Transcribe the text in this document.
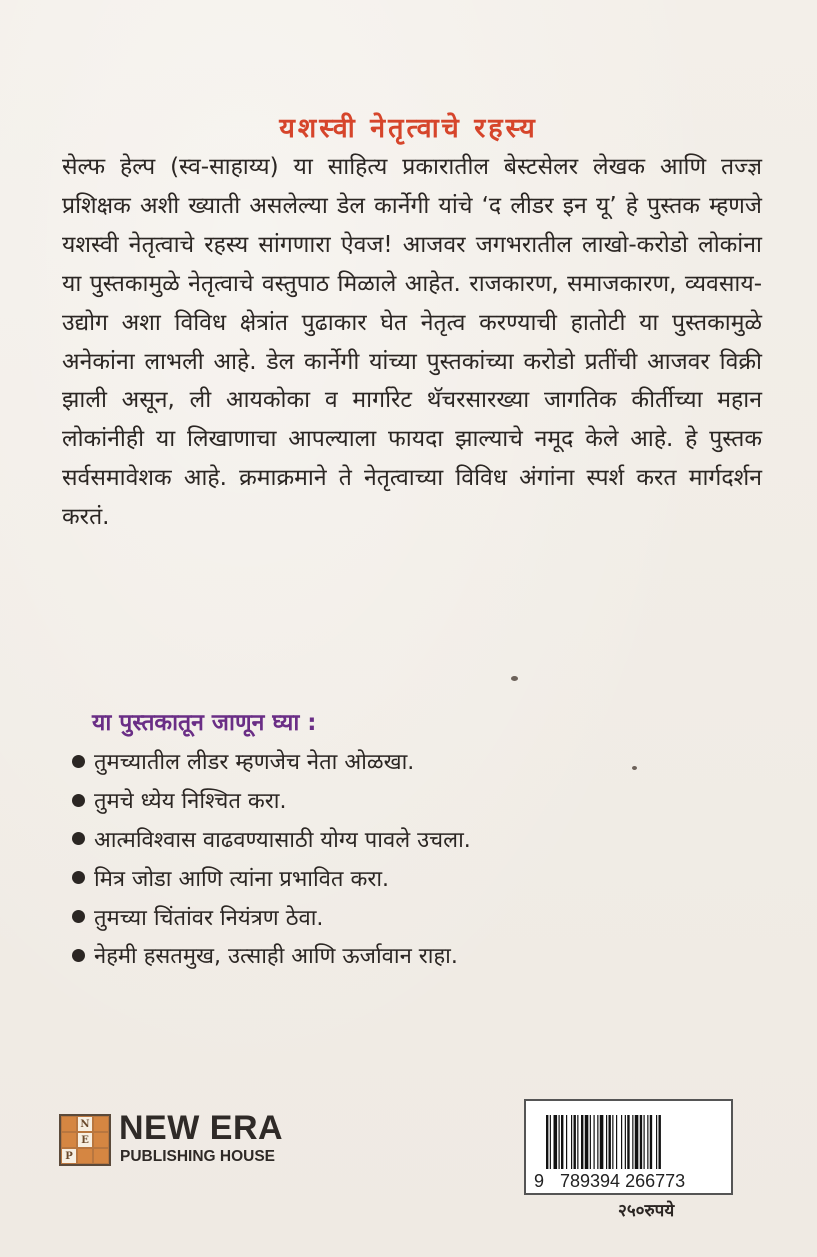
यशस्वी नेतृत्वाचे रहस्य

सेल्फ हेल्प (स्व-साहाय्य) या साहित्य प्रकारातील बेस्टसेलर लेखक आणि तज्ज्ञ प्रशिक्षक अशी ख्याती असलेल्या डेल कार्नेगी यांचे ‘द लीडर इन यू’ हे पुस्तक म्हणजे यशस्वी नेतृत्वाचे रहस्य सांगणारा ऐवज! आजवर जगभरातील लाखो-करोडो लोकांना या पुस्तकामुळे नेतृत्वाचे वस्तुपाठ मिळाले आहेत. राजकारण, समाजकारण, व्यवसाय-उद्योग अशा विविध क्षेत्रांत पुढाकार घेत नेतृत्व करण्याची हातोटी या पुस्तकामुळे अनेकांना लाभली आहे. डेल कार्नेगी यांच्या पुस्तकांच्या करोडो प्रतींची आजवर विक्री झाली असून, ली आयकोका व मार्गारेट थॅचरसारख्या जागतिक कीर्तीच्या महान लोकांनीही या लिखाणाचा आपल्याला फायदा झाल्याचे नमूद केले आहे. हे पुस्तक सर्वसमावेशक आहे. क्रमाक्रमाने ते नेतृत्वाच्या विविध अंगांना स्पर्श करत मार्गदर्शन करतं.

या पुस्तकातून जाणून घ्या :
तुमच्यातील लीडर म्हणजेच नेता ओळखा.
तुमचे ध्येय निश्चित करा.
आत्मविश्वास वाढवण्यासाठी योग्य पावले उचला.
मित्र जोडा आणि त्यांना प्रभावित करा.
तुमच्या चिंतांवर नियंत्रण ठेवा.
नेहमी हसतमुख, उत्साही आणि ऊर्जावान राहा.
N
E
P
NEW ERA
PUBLISHING HOUSE
9 789394 266773
२५०रुपये
